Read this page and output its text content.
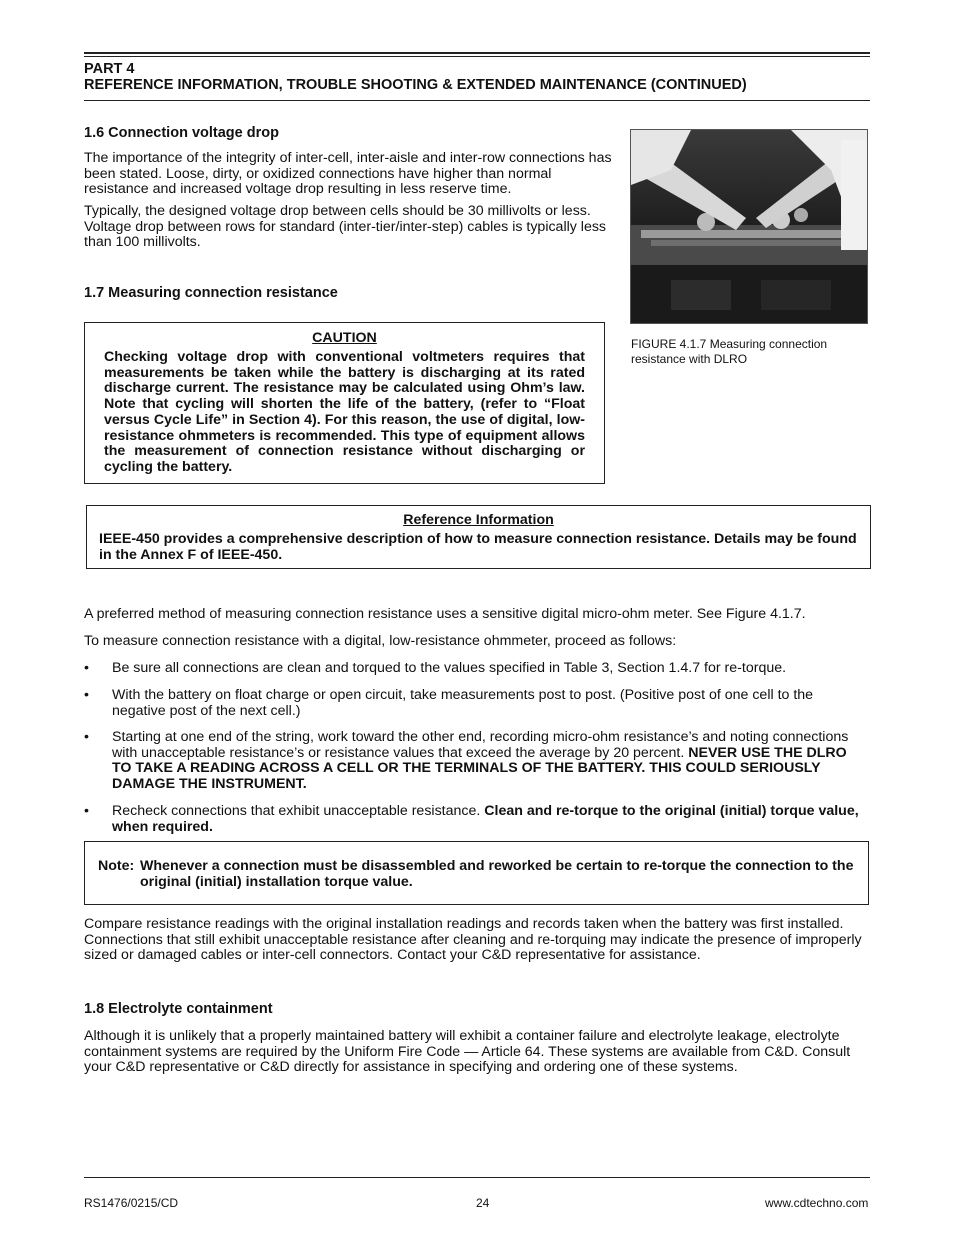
PART 4
REFERENCE INFORMATION, TROUBLE SHOOTING & EXTENDED MAINTENANCE (CONTINUED)
1.6 Connection voltage drop

The importance of the integrity of inter-cell, inter-aisle and inter-row connections has been stated. Loose, dirty, or oxidized connections have higher than normal resistance and increased voltage drop resulting in less reserve time.

Typically, the designed voltage drop between cells should be 30 millivolts or less. Voltage drop between rows for standard (inter-tier/inter-step) cables is typically less than 100 millivolts.

1.7 Measuring connection resistance
FIGURE 4.1.7 Measuring connection resistance with DLRO
CAUTION
Checking voltage drop with conventional voltmeters requires that measurements be taken while the battery is discharging at its rated discharge current. The resistance may be calculated using Ohm’s law. Note that cycling will shorten the life of the battery, (refer to “Float versus Cycle Life” in Section 4). For this reason, the use of digital, low-resistance ohmmeters is recommended. This type of equipment allows the measurement of connection resistance without discharging or cycling the battery.
Reference Information
IEEE-450 provides a comprehensive description of how to measure connection resistance. Details may be found in the Annex F of IEEE-450.

A preferred method of measuring connection resistance uses a sensitive digital micro-ohm meter. See Figure 4.1.7.

To measure connection resistance with a digital, low-resistance ohmmeter, proceed as follows:

• Be sure all connections are clean and torqued to the values specified in Table 3, Section 1.4.7 for re-torque.
• With the battery on float charge or open circuit, take measurements post to post. (Positive post of one cell to the negative post of the next cell.)
• Starting at one end of the string, work toward the other end, recording micro-ohm resistance’s and noting connections with unacceptable resistance’s or resistance values that exceed the average by 20 percent. NEVER USE THE DLRO TO TAKE A READING ACROSS A CELL OR THE TERMINALS OF THE BATTERY. THIS COULD SERIOUSLY DAMAGE THE INSTRUMENT.
• Recheck connections that exhibit unacceptable resistance. Clean and re-torque to the original (initial) torque value, when required.
Note: Whenever a connection must be disassembled and reworked be certain to re-torque the connection to the original (initial) installation torque value.

Compare resistance readings with the original installation readings and records taken when the battery was first installed. Connections that still exhibit unacceptable resistance after cleaning and re-torquing may indicate the presence of improperly sized or damaged cables or inter-cell connectors. Contact your C&D representative for assistance.

1.8 Electrolyte containment

Although it is unlikely that a properly maintained battery will exhibit a container failure and electrolyte leakage, electrolyte containment systems are required by the Uniform Fire Code — Article 64. These systems are available from C&D. Consult your C&D representative or C&D directly for assistance in specifying and ordering one of these systems.

RS1476/0215/CD	24	www.cdtechno.com
